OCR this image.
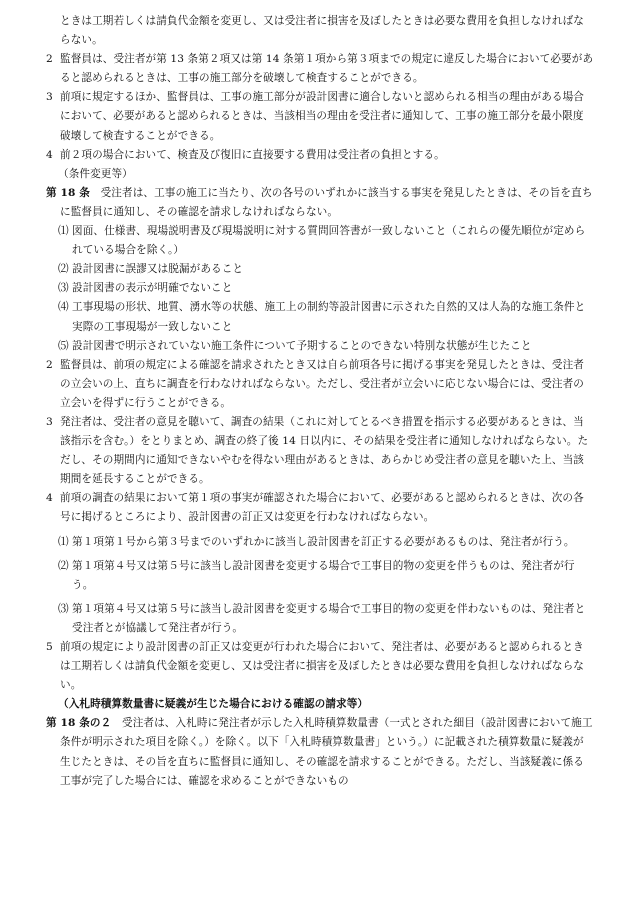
ときは工期若しくは請負代金額を変更し、又は受注者に損害を及ぼしたときは必要な費用を負担しなければならない。

2 監督員は、受注者が第 13 条第２項又は第 14 条第１項から第３項までの規定に違反した場合において必要があると認められるときは、工事の施工部分を破壊して検査することができる。

3 前項に規定するほか、監督員は、工事の施工部分が設計図書に適合しないと認められる相当の理由がある場合において、必要があると認められるときは、当該相当の理由を受注者に通知して、工事の施工部分を最小限度破壊して検査することができる。

4 前２項の場合において、検査及び復旧に直接要する費用は受注者の負担とする。

（条件変更等）

第 18 条　 受注者は、工事の施工に当たり、次の各号のいずれかに該当する事実を発見したときは、その旨を直ちに監督員に通知し、その確認を請求しなければならない。

⑴ 図面、仕様書、現場説明書及び現場説明に対する質問回答書が一致しないこと（これらの優先順位が定められている場合を除く。）

⑵ 設計図書に誤謬又は脱漏があること

⑶ 設計図書の表示が明確でないこと

⑷ 工事現場の形状、地質、湧水等の状態、施工上の制約等設計図書に示された自然的又は人為的な施工条件と実際の工事現場が一致しないこと

⑸ 設計図書で明示されていない施工条件について予期することのできない特別な状態が生じたこと

2 監督員は、前項の規定による確認を請求されたとき又は自ら前項各号に掲げる事実を発見したときは、受注者の立会いの上、直ちに調査を行わなければならない。ただし、受注者が立会いに応じない場合には、受注者の立会いを得ずに行うことができる。

3 発注者は、受注者の意見を聴いて、調査の結果（これに対してとるべき措置を指示する必要があるときは、当該指示を含む。）をとりまとめ、調査の終了後 14 日以内に、その結果を受注者に通知しなければならない。ただし、その期間内に通知できないやむを得ない理由があるときは、あらかじめ受注者の意見を聴いた上、当該期間を延長することができる。

4 前項の調査の結果において第１項の事実が確認された場合において、必要があると認められるときは、次の各号に掲げるところにより、設計図書の訂正又は変更を行わなければならない。

⑴ 第１項第１号から第３号までのいずれかに該当し設計図書を訂正する必要があるものは、発注者が行う。

⑵ 第１項第４号又は第５号に該当し設計図書を変更する場合で工事目的物の変更を伴うものは、発注者が行う。

⑶ 第１項第４号又は第５号に該当し設計図書を変更する場合で工事目的物の変更を伴わないものは、発注者と受注者とが協議して発注者が行う。

5 前項の規定により設計図書の訂正又は変更が行われた場合において、発注者は、必要があると認められるときは工期若しくは請負代金額を変更し、又は受注者に損害を及ぼしたときは必要な費用を負担しなければならない。

（入札時積算数量書に疑義が生じた場合における確認の請求等）

第 18 条の２　 受注者は、入札時に発注者が示した入札時積算数量書（一式とされた細目（設計図書において施工条件が明示された項目を除く。）を除く。以下「入札時積算数量書」という。）に記載された積算数量に疑義が生じたときは、その旨を直ちに監督員に通知し、その確認を請求することができる。ただし、当該疑義に係る工事が完了した場合には、確認を求めることができないもの
